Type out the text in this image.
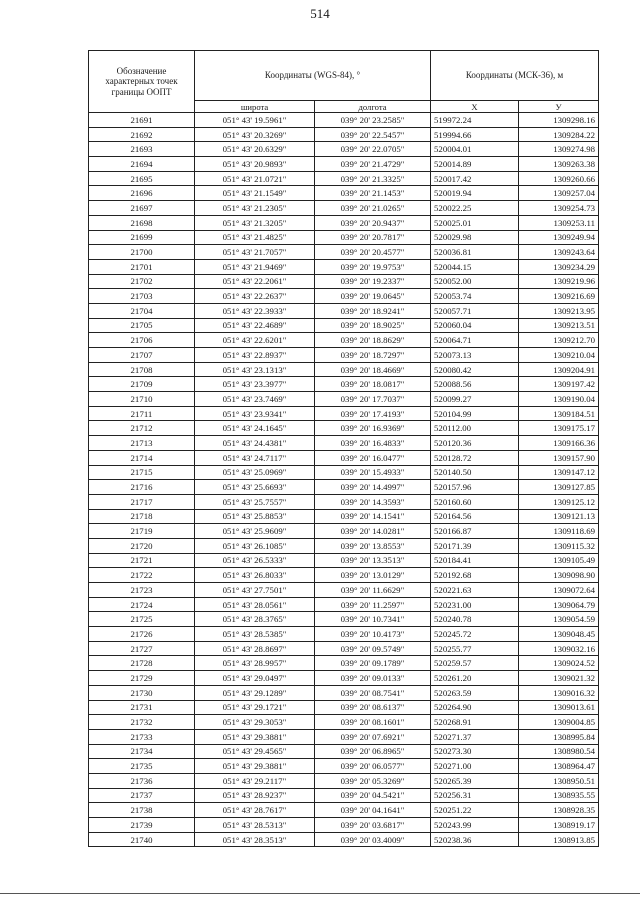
514
Обозначение характерных точек границы ООПТ	Координаты (WGS-84), °		Координаты (МСК-36), м	
	широта	долгота	X	У
21691	051° 43' 19.5961"	039° 20' 23.2585"	519972.24	1309298.16
21692	051° 43' 20.3269"	039° 20' 22.5457"	519994.66	1309284.22
21693	051° 43' 20.6329"	039° 20' 22.0705"	520004.01	1309274.98
21694	051° 43' 20.9893"	039° 20' 21.4729"	520014.89	1309263.38
21695	051° 43' 21.0721"	039° 20' 21.3325"	520017.42	1309260.66
21696	051° 43' 21.1549"	039° 20' 21.1453"	520019.94	1309257.04
21697	051° 43' 21.2305"	039° 20' 21.0265"	520022.25	1309254.73
21698	051° 43' 21.3205"	039° 20' 20.9437"	520025.01	1309253.11
21699	051° 43' 21.4825"	039° 20' 20.7817"	520029.98	1309249.94
21700	051° 43' 21.7057"	039° 20' 20.4577"	520036.81	1309243.64
21701	051° 43' 21.9469"	039° 20' 19.9753"	520044.15	1309234.29
21702	051° 43' 22.2061"	039° 20' 19.2337"	520052.00	1309219.96
21703	051° 43' 22.2637"	039° 20' 19.0645"	520053.74	1309216.69
21704	051° 43' 22.3933"	039° 20' 18.9241"	520057.71	1309213.95
21705	051° 43' 22.4689"	039° 20' 18.9025"	520060.04	1309213.51
21706	051° 43' 22.6201"	039° 20' 18.8629"	520064.71	1309212.70
21707	051° 43' 22.8937"	039° 20' 18.7297"	520073.13	1309210.04
21708	051° 43' 23.1313"	039° 20' 18.4669"	520080.42	1309204.91
21709	051° 43' 23.3977"	039° 20' 18.0817"	520088.56	1309197.42
21710	051° 43' 23.7469"	039° 20' 17.7037"	520099.27	1309190.04
21711	051° 43' 23.9341"	039° 20' 17.4193"	520104.99	1309184.51
21712	051° 43' 24.1645"	039° 20' 16.9369"	520112.00	1309175.17
21713	051° 43' 24.4381"	039° 20' 16.4833"	520120.36	1309166.36
21714	051° 43' 24.7117"	039° 20' 16.0477"	520128.72	1309157.90
21715	051° 43' 25.0969"	039° 20' 15.4933"	520140.50	1309147.12
21716	051° 43' 25.6693"	039° 20' 14.4997"	520157.96	1309127.85
21717	051° 43' 25.7557"	039° 20' 14.3593"	520160.60	1309125.12
21718	051° 43' 25.8853"	039° 20' 14.1541"	520164.56	1309121.13
21719	051° 43' 25.9609"	039° 20' 14.0281"	520166.87	1309118.69
21720	051° 43' 26.1085"	039° 20' 13.8553"	520171.39	1309115.32
21721	051° 43' 26.5333"	039° 20' 13.3513"	520184.41	1309105.49
21722	051° 43' 26.8033"	039° 20' 13.0129"	520192.68	1309098.90
21723	051° 43' 27.7501"	039° 20' 11.6629"	520221.63	1309072.64
21724	051° 43' 28.0561"	039° 20' 11.2597"	520231.00	1309064.79
21725	051° 43' 28.3765"	039° 20' 10.7341"	520240.78	1309054.59
21726	051° 43' 28.5385"	039° 20' 10.4173"	520245.72	1309048.45
21727	051° 43' 28.8697"	039° 20' 09.5749"	520255.77	1309032.16
21728	051° 43' 28.9957"	039° 20' 09.1789"	520259.57	1309024.52
21729	051° 43' 29.0497"	039° 20' 09.0133"	520261.20	1309021.32
21730	051° 43' 29.1289"	039° 20' 08.7541"	520263.59	1309016.32
21731	051° 43' 29.1721"	039° 20' 08.6137"	520264.90	1309013.61
21732	051° 43' 29.3053"	039° 20' 08.1601"	520268.91	1309004.85
21733	051° 43' 29.3881"	039° 20' 07.6921"	520271.37	1308995.84
21734	051° 43' 29.4565"	039° 20' 06.8965"	520273.30	1308980.54
21735	051° 43' 29.3881"	039° 20' 06.0577"	520271.00	1308964.47
21736	051° 43' 29.2117"	039° 20' 05.3269"	520265.39	1308950.51
21737	051° 43' 28.9237"	039° 20' 04.5421"	520256.31	1308935.55
21738	051° 43' 28.7617"	039° 20' 04.1641"	520251.22	1308928.35
21739	051° 43' 28.5313"	039° 20' 03.6817"	520243.99	1308919.17
21740	051° 43' 28.3513"	039° 20' 03.4009"	520238.36	1308913.85
